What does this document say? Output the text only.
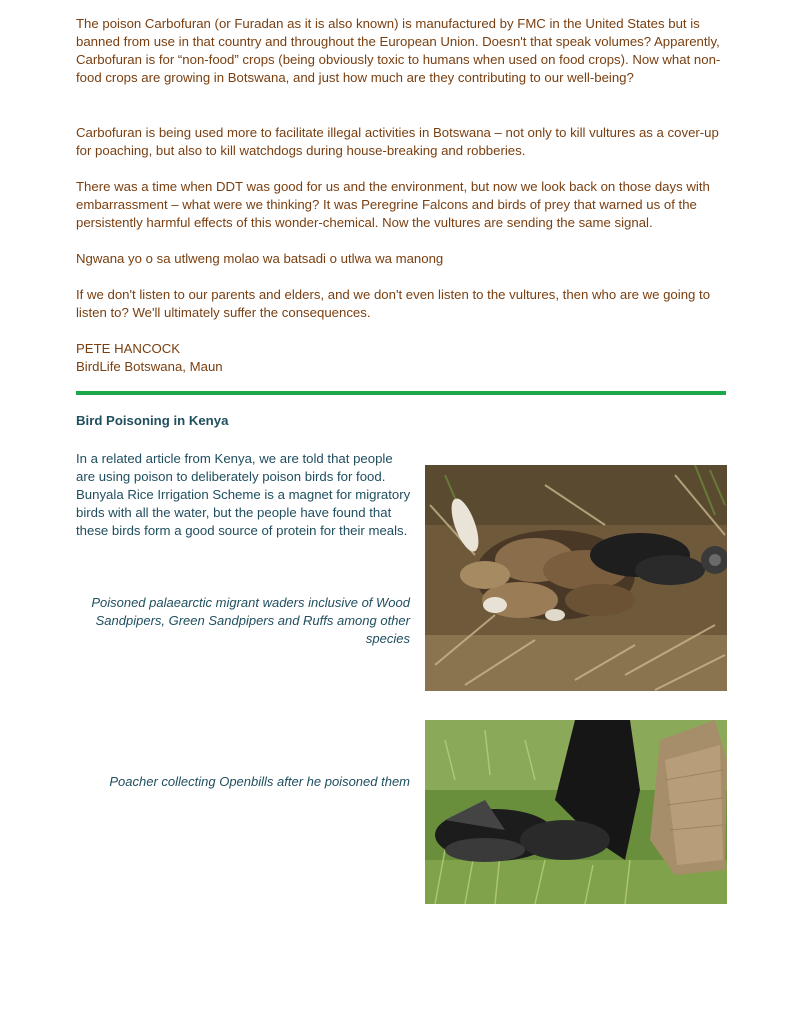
The poison Carbofuran (or Furadan as it is also known) is manufactured by FMC in the United States but is banned from use in that country and throughout the European Union. Doesn't that speak volumes? Apparently, Carbofuran is for “non-food” crops (being obviously toxic to humans when used on food crops). Now what non-food crops are growing in Botswana, and just how much are they contributing to our well-being?

Carbofuran is being used more to facilitate illegal activities in Botswana – not only to kill vultures as a cover-up for poaching, but also to kill watchdogs during house-breaking and robberies.

There was a time when DDT was good for us and the environment, but now we look back on those days with embarrassment – what were we thinking? It was Peregrine Falcons and birds of prey that warned us of the persistently harmful effects of this wonder-chemical. Now the vultures are sending the same signal.

Ngwana yo o sa utlweng molao wa batsadi o utlwa wa manong

If we don't listen to our parents and elders, and we don't even listen to the vultures, then who are we going to listen to? We'll ultimately suffer the consequences.

PETE HANCOCK

BirdLife Botswana, Maun

Bird Poisoning in Kenya

In a related article from Kenya, we are told that people are using poison to deliberately poison birds for food. Bunyala Rice Irrigation Scheme is a magnet for migratory birds with all the water, but the people have found that these birds form a good source of protein for their meals.

Poisoned palaearctic migrant waders inclusive of Wood Sandpipers, Green Sandpipers and Ruffs among other species

Poacher collecting Openbills after he poisoned them
